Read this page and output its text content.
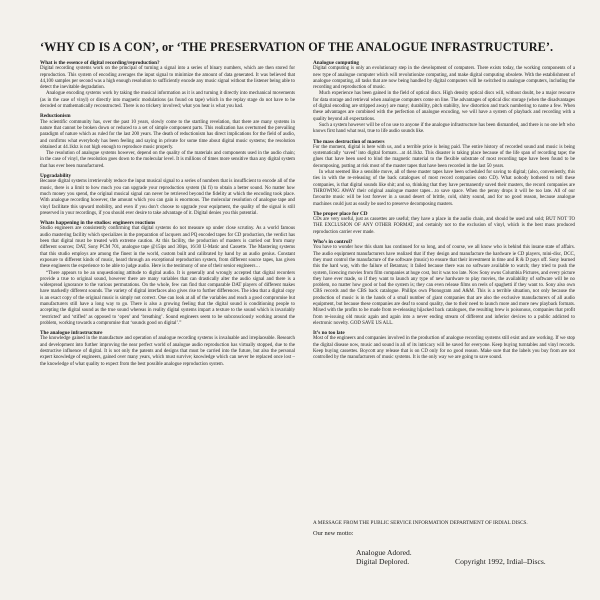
‘WHY CD IS A CON’, or ‘THE PRESERVATION OF THE ANALOGUE INFRASTRUCTURE’.
What is the essence of digital recording/reproduction?

Digital recording systems work on the principal of turning a signal into a series of binary numbers, which are then stored for reproduction. This system of encoding averages the input signal to minimize the amount of data generated. It was believed that 44,100 samples per second was a high enough resolution to sufficiently encode any music signal without the listener being able to detect the inevitable degradation.

Analogue encoding systems work by taking the musical information as it is and turning it directly into mechanical movements (as in the case of vinyl) or directly into magnetic modulations (as found on tape) which in the replay stage do not have to be decoded or mathematically reconstructed. There is no trickery involved; what you hear is what you had.

Reductionism

The scientific community has, over the past 10 years, slowly come to the startling revelation, that there are many systems in nature that cannot be broken down or reduced to a set of simple component parts. This realization has overturned the prevailing paradigm of nature which as ruled for the last 200 years. The death of reductionism has direct implications for the field of audio, and confirms what everybody has been feeling and saying in private for some time about digital music systems; the resolution obtained at 44.1khz is not high enough to reproduce music properly.

The resolution of analogue systems however, depend on the quality of the materials and components used in the audio chain; in the case of vinyl, the resolution goes down to the molecular level. It is millions of times more sensitive than any digital system that has ever been manufactured.

Upgradability

Because digital systems irretrievably reduce the input musical signal to a series of numbers that is insufficient to encode all of the music, there is a limit to how much you can upgrade your reproduction system (hi fi) to obtain a better sound. No matter how much money you spend, the original musical signal can never be retrieved beyond the fidelity at which the encoding took place. With analogue recording however, the amount which you can gain is enormous. The molecular resolution of analogue tape and vinyl facilitate this upward mobility, and even if you don’t choose to upgrade your equipment, the quality of the signal is still preserved in your recordings, if you should ever desire to take advantage of it. Digital denies you this potential.

Whats happening in the studios: engineers reactions

Studio engineers are consistently confirming that digital systems do not measure up under close scrutiny. As a world famous audio mastering facility which specializes in the preparation of lacquers and PQ encoded tapes for CD production, the verdict has been that digital must be treated with extreme caution. At this facility, the production of masters is carried out from many different sources; DAT, Sony PCM 701, analogue tape @15ips and 30ips, 16/30 U-Matic and Cassette. The Mastering systems that this studio employs are among the finest in the world, custom built and calibrated by hand by an audio genius. Constant exposure to different kinds of music, heard through an exceptional reproduction system, from different source tapes, has given these engineers the experience to be able to judge audio. Here is the testimony of one of their senior engineers…

“There appears to be an unquestioning attitude to digital audio. It is generally and wrongly accepted that digital recorders provide a true to original sound, however there are many variables that can drastically alter the audio signal and there is a widespread ignorance to the various permutations. On the whole, few can find that comparable DAT players of different makes have markedly different sounds. The variety of digital interfaces also gives rise to further differences. The idea that a digital copy is an exact copy of the original music is simply not correct. One can look at all of the variables and reach a good compromise but manufacturers still have a long way to go. There is also a growing feeling that the digital sound is conditioning people to accepting the digital sound as the true sound whereas in reality digital systems impart a texture to the sound which is invariably ‘restricted’ and ‘stifled’ as opposed to ‘open’ and ‘breathing’. Sound engineers seem to be subconsciously working around the problem, working towards a compromise that ‘sounds good on digital’.”

The analogue infrastructure

The knowledge gained in the manufacture and operation of analogue recording systems is invaluable and irreplaceable. Research and development into further improving the near perfect world of analogue audio reproduction has virtually stopped, due to the destructive influence of digital. It is not only the patents and designs that must be carried into the future, but also the personal expert knowledge of engineers, gained over many years, which must survive; knowledge which can never be replaced once lost – the knowledge of what quality to expect from the best possible analogue reproduction system.

Analogue computing

Digital computing is only an evolutionary step in the development of computers. There exists today, the working components of a new type of analogue computer which will revolutionize computing, and make digital computing obsolete. With the establishment of analogue computing, all tasks that are now being handled by digital computers will be switched to analogue computers, including the recording and reproduction of music.

Much experience has been gained in the field of optical discs. High density optical discs will, without doubt, be a major resource for data storage and retrieval when analogue computers come on line. The advantages of optical disc storage (when the disadvantages of digital encoding are stripped away) are many; durability, pitch stability, low distortion and track numbering to name a few. When these advantages are combined with the perfection of analogue encoding, we will have a system of playback and recording with a quality beyond all expectations.

Such a system however will be of no use to anyone if the analogue infrastructure has been dismantled, and there is no one left who knows first hand what real, true to life audio sounds like.

The mass destruction of masters

For the moment, digital is here with us, and a terrible price is being paid. The entire history of recorded sound and music is being systematically ‘saved’ into digital formats…at 44.1khz. This disaster is taking place because of the life span of recording tape; the glues that have been used to bind the magnetic material to the flexible substrate of most recording tape have been found to be decomposing, putting at risk most of the master tapes that have been recorded in the last 50 years.

In what seemed like a sensible move, all of these master tapes have been scheduled for saving to digital; (also, conveniently, this ties in with the re-releasing of the back catalogues of most record companies onto CD). What nobody bothered to tell these companies, is that digital sounds like shit; and so, thinking that they have permanently saved their masters, the record companies are THROWING AWAY their original analogue master tapes…to save space. When the penny drops it will be too late. All of our favourite music will be lost forever in a sound desert of brittle, cold, shitty sound, and for no good reason, because analogue machines could just as easily be used to preserve decomposing masters.

The proper place for CD

CDs are very useful, just as cassettes are useful; they have a place in the audio chain, and should be used and sold; BUT NOT TO THE EXCLUSION OF ANY OTHER FORMAT, and certainly not to the exclusion of vinyl, which is the best mass produced reproduction carrier ever made.

Who’s in control?

You have to wonder how this sham has continued for so long, and of course, we all know who is behind this insane state of affairs. The audio equipment manufacturers have realized that if they design and manufacture the hardware ie CD players, mini-disc, DCC, they must control the manufacture of the software (music) to ensure that their investment in time and R & D pays off. Sony learned this the hard way, with the failure of Betamax; it failed because there was no software available to watch; they tried to push the system, licencing movies from film companies at huge cost, but it was too late. Now Sony owns Columbia Pictures, and every picture they have ever made, so if they want to launch any type of new hardware to play movies, the availability of software will be no problem, no matter how good or bad the system is; they can even release films on reels of spaghetti if they want to. Sony also own CBS records and the CBS back catalogue. Phillips own Phonogram and A&M. This is a terrible situation, not only because the production of music is in the hands of a small number of giant companies that are also the exclusive manufacturers of all audio equipment, but because these companies are deaf to sound quality, due to their need to launch more and more new playback formats. Mixed with the profits to be made from re-releasing hijacked back catalogues, the resulting brew is poisonous, companies that profit from re-issuing old music again and again into a never ending stream of different and inferior devices to a public addicted to electronic novelty. GOD SAVE US ALL.

It’s no too late

Most of the engineers and companies involved in the production of analogue recording systems still exist and are working. If we stop the digital disease now, music and sound in all of its intricacy will be saved for everyone. Keep buying turntables and vinyl records. Keep buying cassettes. Boycott any release that is on CD only for no good reason. Make sure that the labels you buy from are not controlled by the manufacturers of music systems. It is the only way we are going to save sound.

A MESSAGE FROM THE PUBLIC SERVICE INFORMATION DEPARTMENT OF IRDIAL DISCS.
Our new motto:
Analogue Adored.
Digital Deplored.	Copyright 1992, Irdial–Discs.
